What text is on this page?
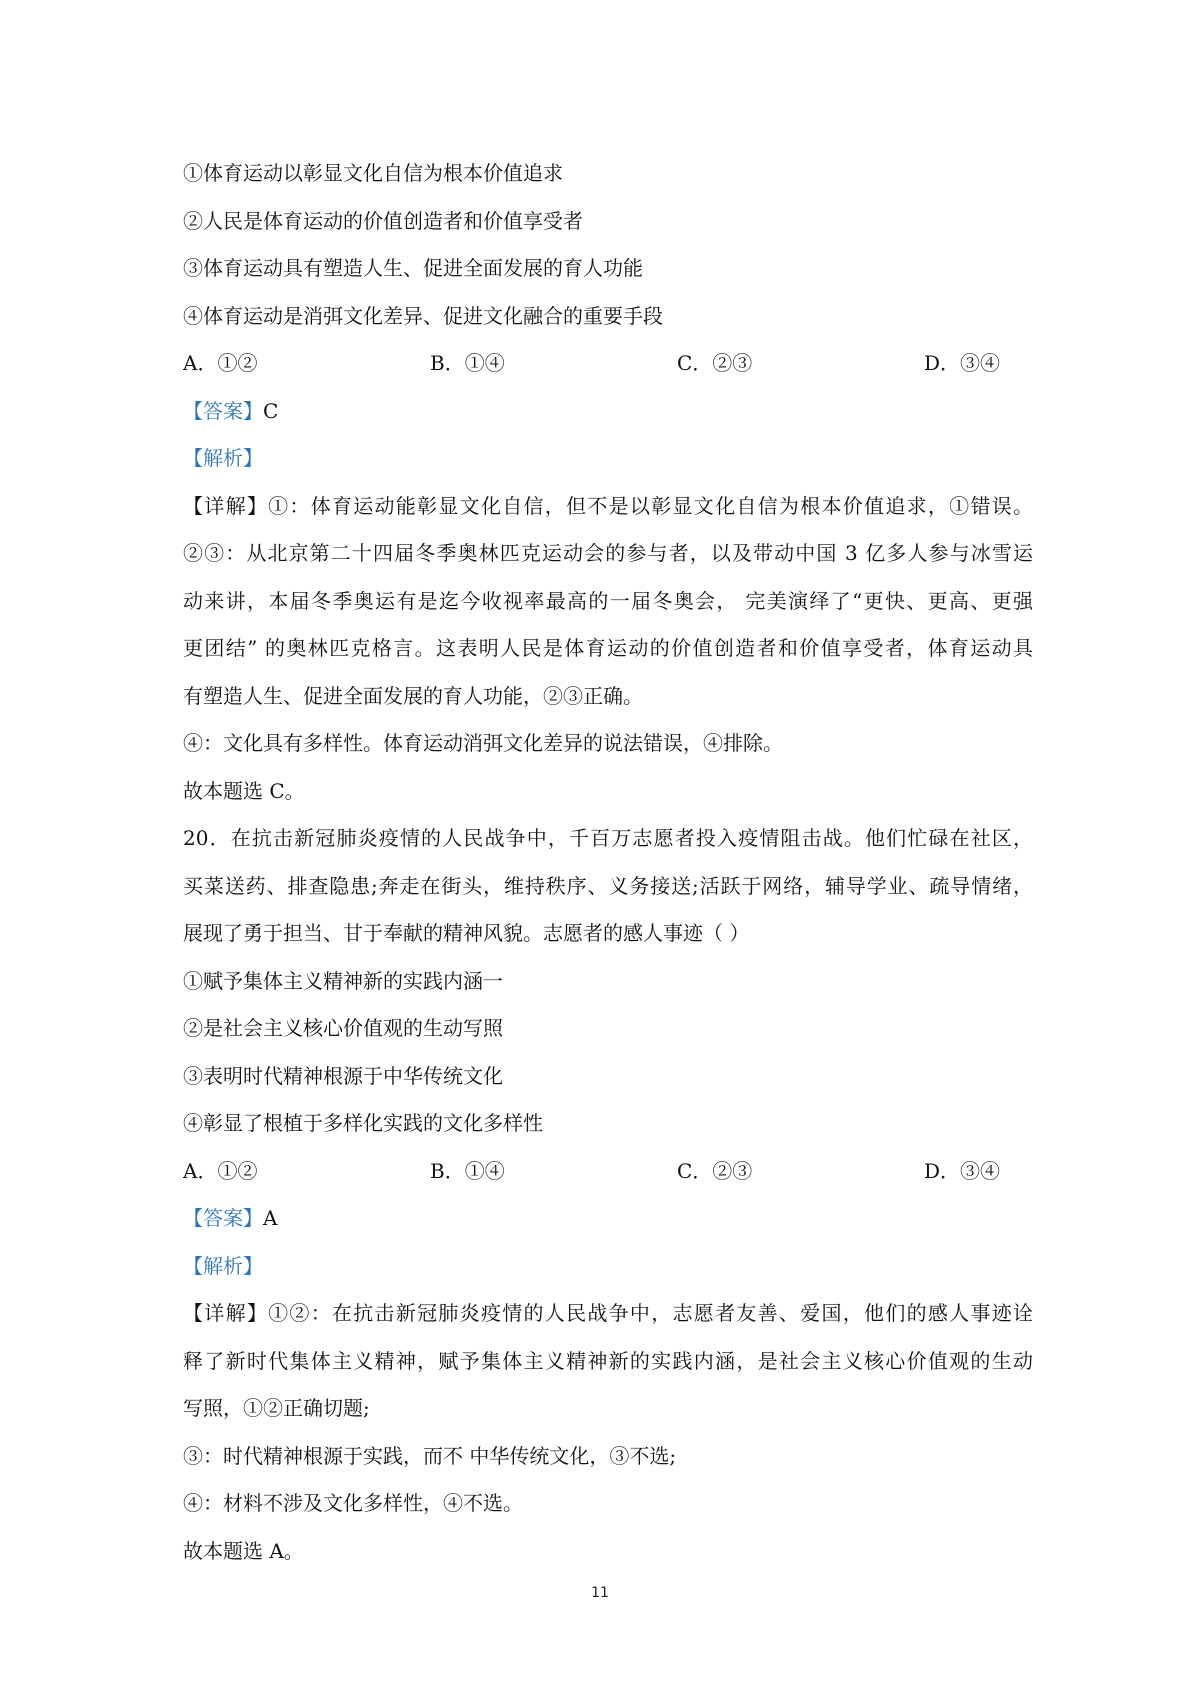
①体育运动以彰显文化自信为根本价值追求
②人民是体育运动的价值创造者和价值享受者
③体育运动具有塑造人生、促进全面发展的育人功能
④体育运动是消弭文化差异、促进文化融合的重要手段
A．①②	B．①④	C．②③	D．③④
【答案】C
【解析】
【详解】①：体育运动能彰显文化自信，但不是以彰显文化自信为根本价值追求，①错误。
②③：从北京第二十四届冬季奥林匹克运动会的参与者，以及带动中国 3 亿多人参与冰雪运
动来讲，本届冬季奥运有是迄今收视率最高的一届冬奥会， 完美演绎了“更快、更高、更强
更团结” 的奥林匹克格言。这表明人民是体育运动的价值创造者和价值享受者，体育运动具
有塑造人生、促进全面发展的育人功能，②③正确。
④：文化具有多样性。体育运动消弭文化差异的说法错误，④排除。
故本题选 C。
20．在抗击新冠肺炎疫情的人民战争中，千百万志愿者投入疫情阻击战。他们忙碌在社区，
买菜送药、排查隐患;奔走在街头，维持秩序、义务接送;活跃于网络，辅导学业、疏导情绪，
展现了勇于担当、甘于奉献的精神风貌。志愿者的感人事迹（ ）
①赋予集体主义精神新的实践内涵一
②是社会主义核心价值观的生动写照
③表明时代精神根源于中华传统文化
④彰显了根植于多样化实践的文化多样性
A．①②	B．①④	C．②③	D．③④
【答案】A
【解析】
【详解】①②：在抗击新冠肺炎疫情的人民战争中，志愿者友善、爱国，他们的感人事迹诠
释了新时代集体主义精神，赋予集体主义精神新的实践内涵，是社会主义核心价值观的生动
写照，①②正确切题;
③：时代精神根源于实践，而不 中华传统文化，③不选;
④：材料不涉及文化多样性，④不选。
故本题选 A。
11
